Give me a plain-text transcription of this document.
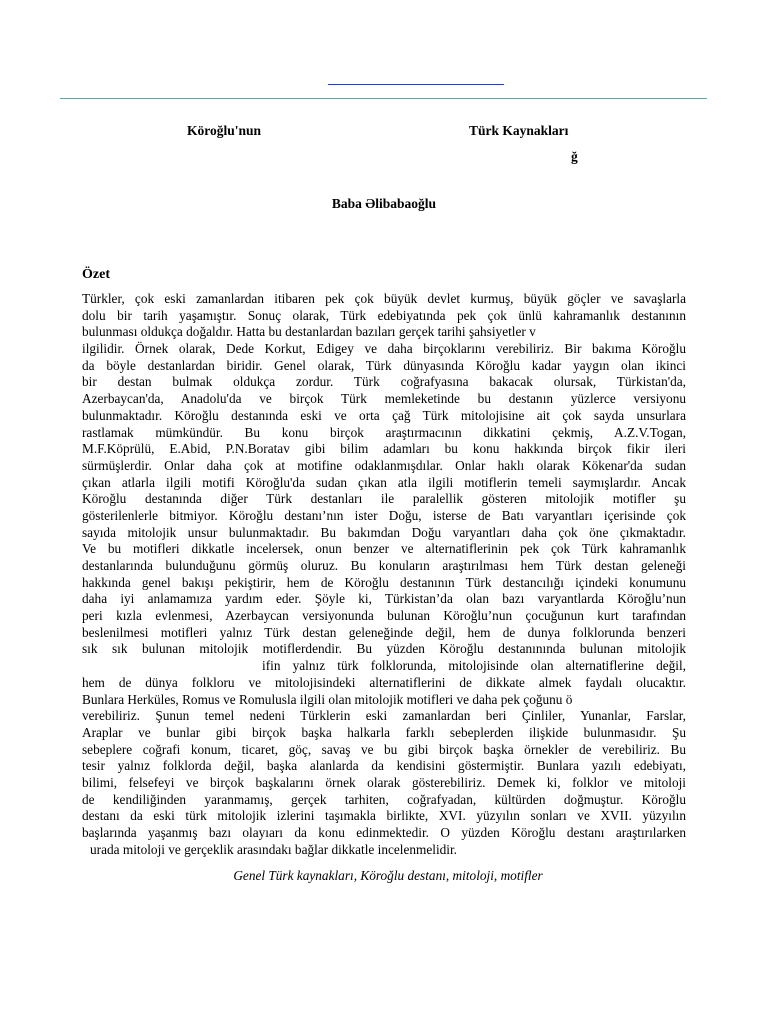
Köroğlu'nun	Türk Kaynakları
ğ
Baba Əlibabaoğlu
Özet
Türkler, çok eski zamanlardan itibaren pek çok büyük devlet kurmuş, büyük göçler ve savaşlarla
dolu bir tarih yaşamıştır. Sonuç olarak, Türk edebiyatında pek çok ünlü kahramanlık destanının
bulunması oldukça doğaldır. Hatta bu destanlardan bazıları gerçek tarihi şahsiyetler v
ilgilidir. Örnek olarak, Dede Korkut, Edigey ve daha birçoklarını verebiliriz. Bir bakıma Köroğlu
da böyle destanlardan biridir. Genel olarak, Türk dünyasında Köroğlu kadar yaygın olan ikinci
bir destan bulmak oldukça zordur. Türk coğrafyasına bakacak olursak, Türkistan'da,
Azerbaycan'da, Anadolu'da ve birçok Türk memleketinde bu destanın yüzlerce versiyonu
bulunmaktadır. Köroğlu destanında eski ve orta çağ Türk mitolojisine ait çok sayda unsurlara
rastlamak mümkündür. Bu konu birçok araştırmacının dikkatini çekmiş, A.Z.V.Togan,
M.F.Köprülü, E.Abid, P.N.Boratav gibi bilim adamları bu konu hakkında birçok fikir ileri
sürmüşlerdir. Onlar daha çok at motifine odaklanmışdılar. Onlar haklı olarak Kökenar'da sudan
çıkan atlarla ilgili motifi Köroğlu'da sudan çıkan atla ilgili motiflerin temeli saymışlardır. Ancak
Köroğlu destanında diğer Türk destanları ile paralellik gösteren mitolojik motifler şu
gösterilenlerle bitmiyor. Köroğlu destanı’nın ister Doğu, isterse de Batı varyantları içerisinde çok
sayıda mitolojik unsur bulunmaktadır. Bu bakımdan Doğu varyantları daha çok öne çıkmaktadır.
Ve bu motifleri dikkatle incelersek, onun benzer ve alternatiflerinin pek çok Türk kahramanlık
destanlarında bulunduğunu görmüş oluruz. Bu konuların araştırılması hem Türk destan geleneği
hakkında genel bakışı pekiştirir, hem de Köroğlu destanının Türk destancılığı içindeki konumunu
daha iyi anlamamıza yardım eder. Şöyle ki, Türkistan’da olan bazı varyantlarda Köroğlu’nun
peri kızla evlenmesi, Azerbaycan versiyonunda bulunan Köroğlu’nun çocuğunun kurt tarafından
beslenilmesi motifleri yalnız Türk destan geleneğinde değil, hem de dunya folklorunda benzeri
sık sık bulunan mitolojik motiflerdendir. Bu yüzden Köroğlu destanınında bulunan mitolojik
ifin yalnız türk folklorunda, mitolojisinde olan alternatiflerine değil,
hem de dünya folkloru ve mitolojisindeki alternatiflerini de dikkate almek faydalı olucaktır.
Bunlara Herküles, Romus ve Romulusla ilgili olan mitolojik motifleri ve daha pek çoğunu ö
verebiliriz. Şunun temel nedeni Türklerin eski zamanlardan beri Çinliler, Yunanlar, Farslar,
Araplar ve bunlar gibi birçok başka halkarla farklı sebeplerden ilişkide bulunmasıdır. Şu
sebeplere coğrafi konum, ticaret, göç, savaş ve bu gibi birçok başka örnekler de verebiliriz. Bu
tesir yalnız folklorda değil, başka alanlarda da kendisini göstermiştir. Bunlara yazılı edebiyatı,
bilimi, felsefeyi ve birçok başkalarını örnek olarak gösterebiliriz. Demek ki, folklor ve mitoloji
de kendiliğinden yaranmamış, gerçek tarhiten, coğrafyadan, kültürden doğmuştur. Köroğlu
destanı da eski türk mitolojik izlerini taşımakla birlikte, XVI. yüzyılın sonları ve XVII. yüzyılın
başlarında yaşanmış bazı olayıarı da konu edinmektedir. O yüzden Köroğlu destanı araştırılarken
urada mitoloji ve gerçeklik arasındakı bağlar dikkatle incelenmelidir.
Genel Türk kaynakları, Köroğlu destanı, mitoloji, motifler
